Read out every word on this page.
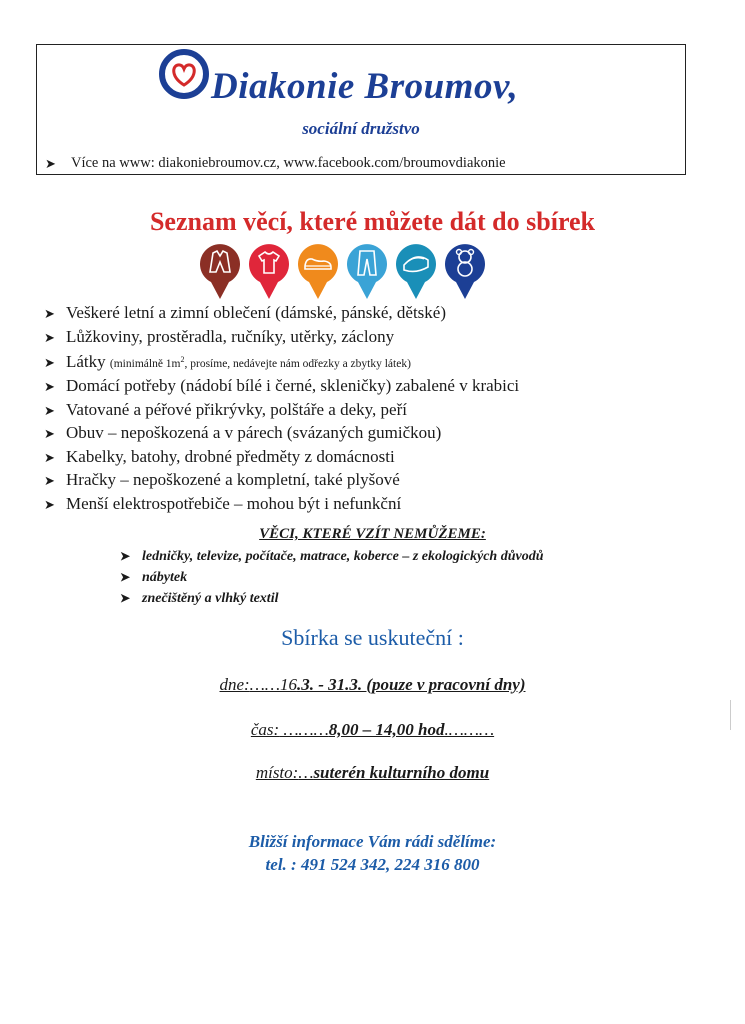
Diakonie Broumov,
sociální družstvo
➤	Více na www: diakoniebroumov.cz, www.facebook.com/broumovdiakonie
Seznam věcí, které můžete dát do sbírek
➤ Veškeré letní a zimní oblečení (dámské, pánské, dětské)
➤ Lůžkoviny, prostěradla, ručníky, utěrky, záclony
➤ Látky
(minimálně $1m^2$, prosíme, nedávejte nám odřezky a zbytky látek)
➤ Domácí potřeby (nádobí bílé i černé, skleničky) zabalené v krabici
➤ Vatované a péřové přikrývky, polštáře a deky, peří
➤ Obuv – nepoškozená a v párech (svázaných gumičkou)
➤ Kabelky, batohy, drobné předměty z domácnosti
➤ Hračky – nepoškozené a kompletní, také plyšové
➤ Menší elektrospotřebiče – mohou být i nefunkční
VĚCI, KTERÉ VZÍT NEMŮŽEME:
➤ ledničky, televize, počítače, matrace, koberce – z ekologických důvodů
➤ nábytek
➤ znečištěný a vlhký textil
Sbírka se uskuteční :
dne:……16.3. - 31.3. (pouze v pracovní dny)
čas: ………8,00 – 14,00 hod.………
místo:…suterén kulturního domu
Bližší informace Vám rádi sdělíme:
tel. : 491 524 342, 224 316 800
